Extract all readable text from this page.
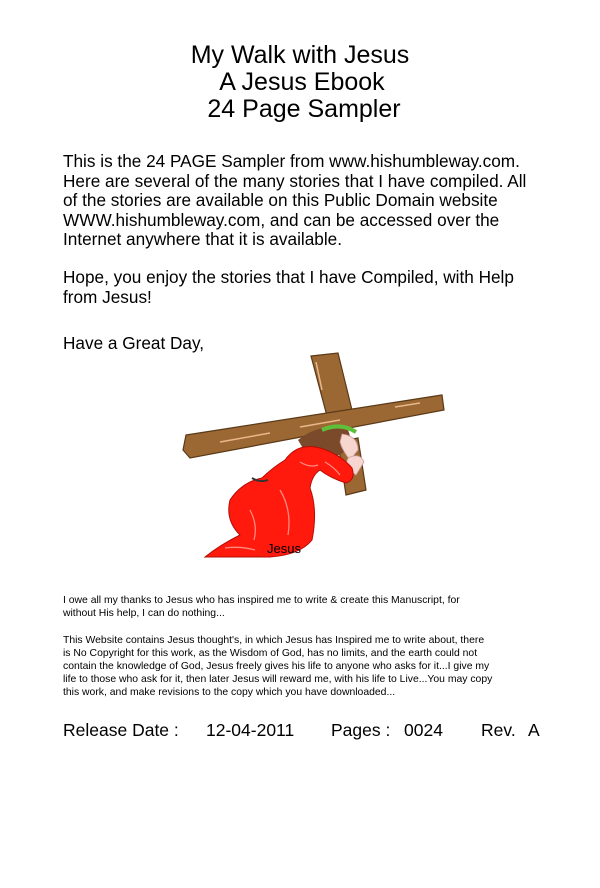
My Walk with Jesus
A Jesus Ebook
24 Page Sampler
This is the 24 PAGE Sampler from www.hishumbleway.com.
Here are several of the many stories that I have compiled. All
of the stories are available on this Public Domain website
WWW.hishumbleway.com, and can be accessed over the
Internet anywhere that it is available.
Hope, you enjoy the stories that I have Compiled, with Help
from Jesus!
Have a Great Day,
Jesus
I owe all my thanks to Jesus who has inspired me to write & create this Manuscript, for
without His help, I can do nothing...
This Website contains Jesus thought's, in which Jesus has Inspired me to write about, there
is No Copyright for this work, as the Wisdom of God, has no limits, and the earth could not
contain the knowledge of God, Jesus freely gives his life to anyone who asks for it...I give my
life to those who ask for it, then later Jesus will reward me, with his life to Live...You may copy
this work, and make revisions to the copy which you have downloaded...

Release Date :

12-04-2011

Pages :

0024

Rev.

A
